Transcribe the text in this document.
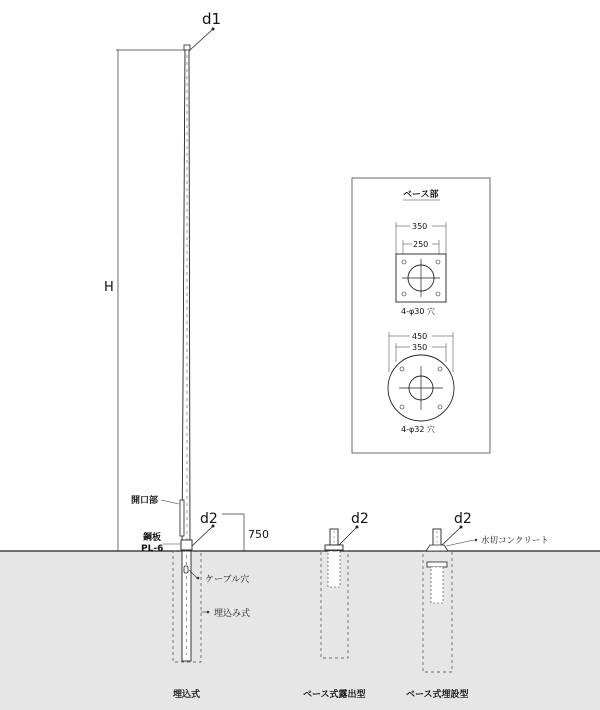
H
d1
開口部
鋼板
PL-6
d2
750
ケーブル穴
埋込み式
ベース部
350
250
4-φ30 穴
450
350
4-φ32 穴
d2	d2
水切コンクリート
埋込式	ベース式露出型	ベース式埋設型
